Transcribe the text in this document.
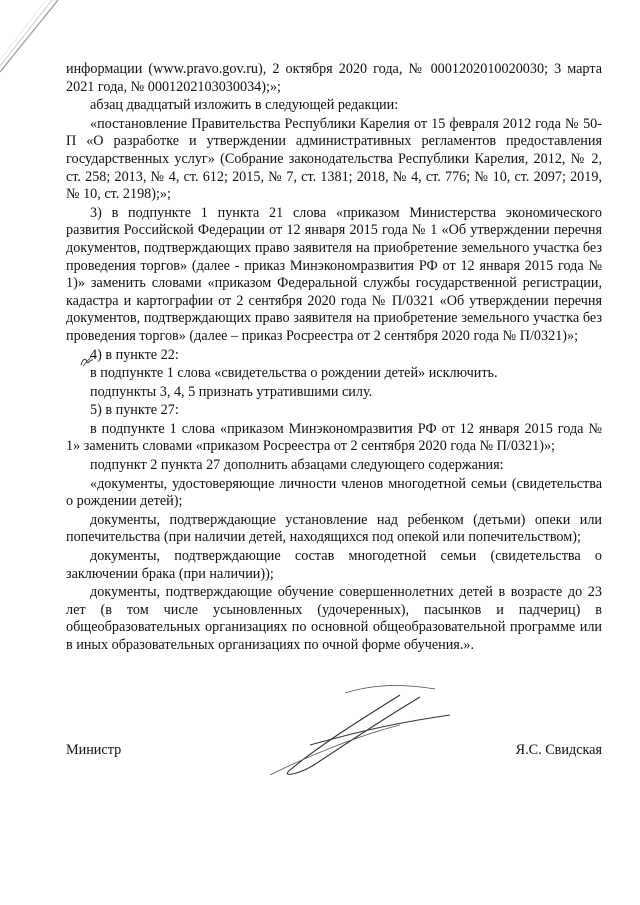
информации (www.pravo.gov.ru), 2 октября 2020 года, № 0001202010020030; 3 марта 2021 года, № 0001202103030034);»;

абзац двадцатый изложить в следующей редакции:

«постановление Правительства Республики Карелия от 15 февраля 2012 года № 50-П «О разработке и утверждении административных регламентов предоставления государственных услуг» (Собрание законодательства Республики Карелия, 2012, № 2, ст. 258; 2013, № 4, ст. 612; 2015, № 7, ст. 1381; 2018, № 4, ст. 776; № 10, ст. 2097; 2019, № 10, ст. 2198);»;

3) в подпункте 1 пункта 21 слова «приказом Министерства экономического развития Российской Федерации от 12 января 2015 года № 1 «Об утверждении перечня документов, подтверждающих право заявителя на приобретение земельного участка без проведения торгов» (далее - приказ Минэкономразвития РФ от 12 января 2015 года № 1)» заменить словами «приказом Федеральной службы государственной регистрации, кадастра и картографии от 2 сентября 2020 года № П/0321 «Об утверждении перечня документов, подтверждающих право заявителя на приобретение земельного участка без проведения торгов» (далее – приказ Росреестра от 2 сентября 2020 года № П/0321)»;

4) в пункте 22:

в подпункте 1 слова «свидетельства о рождении детей» исключить.

подпункты 3, 4, 5 признать утратившими силу.

5) в пункте 27:

в подпункте 1 слова «приказом Минэкономразвития РФ от 12 января 2015 года № 1» заменить словами «приказом Росреестра от 2 сентября 2020 года № П/0321)»;

подпункт 2 пункта 27 дополнить абзацами следующего содержания:

«документы, удостоверяющие личности членов многодетной семьи (свидетельства о рождении детей);

документы, подтверждающие установление над ребенком (детьми) опеки или попечительства (при наличии детей, находящихся под опекой или попечительством);

документы, подтверждающие состав многодетной семьи (свидетельства о заключении брака (при наличии));

документы, подтверждающие обучение совершеннолетних детей в возрасте до 23 лет (в том числе усыновленных (удочеренных), пасынков и падчериц) в общеобразовательных организациях по основной общеобразовательной программе или в иных образовательных организациях по очной форме обучения.».

Министр	Я.С. Свидская
